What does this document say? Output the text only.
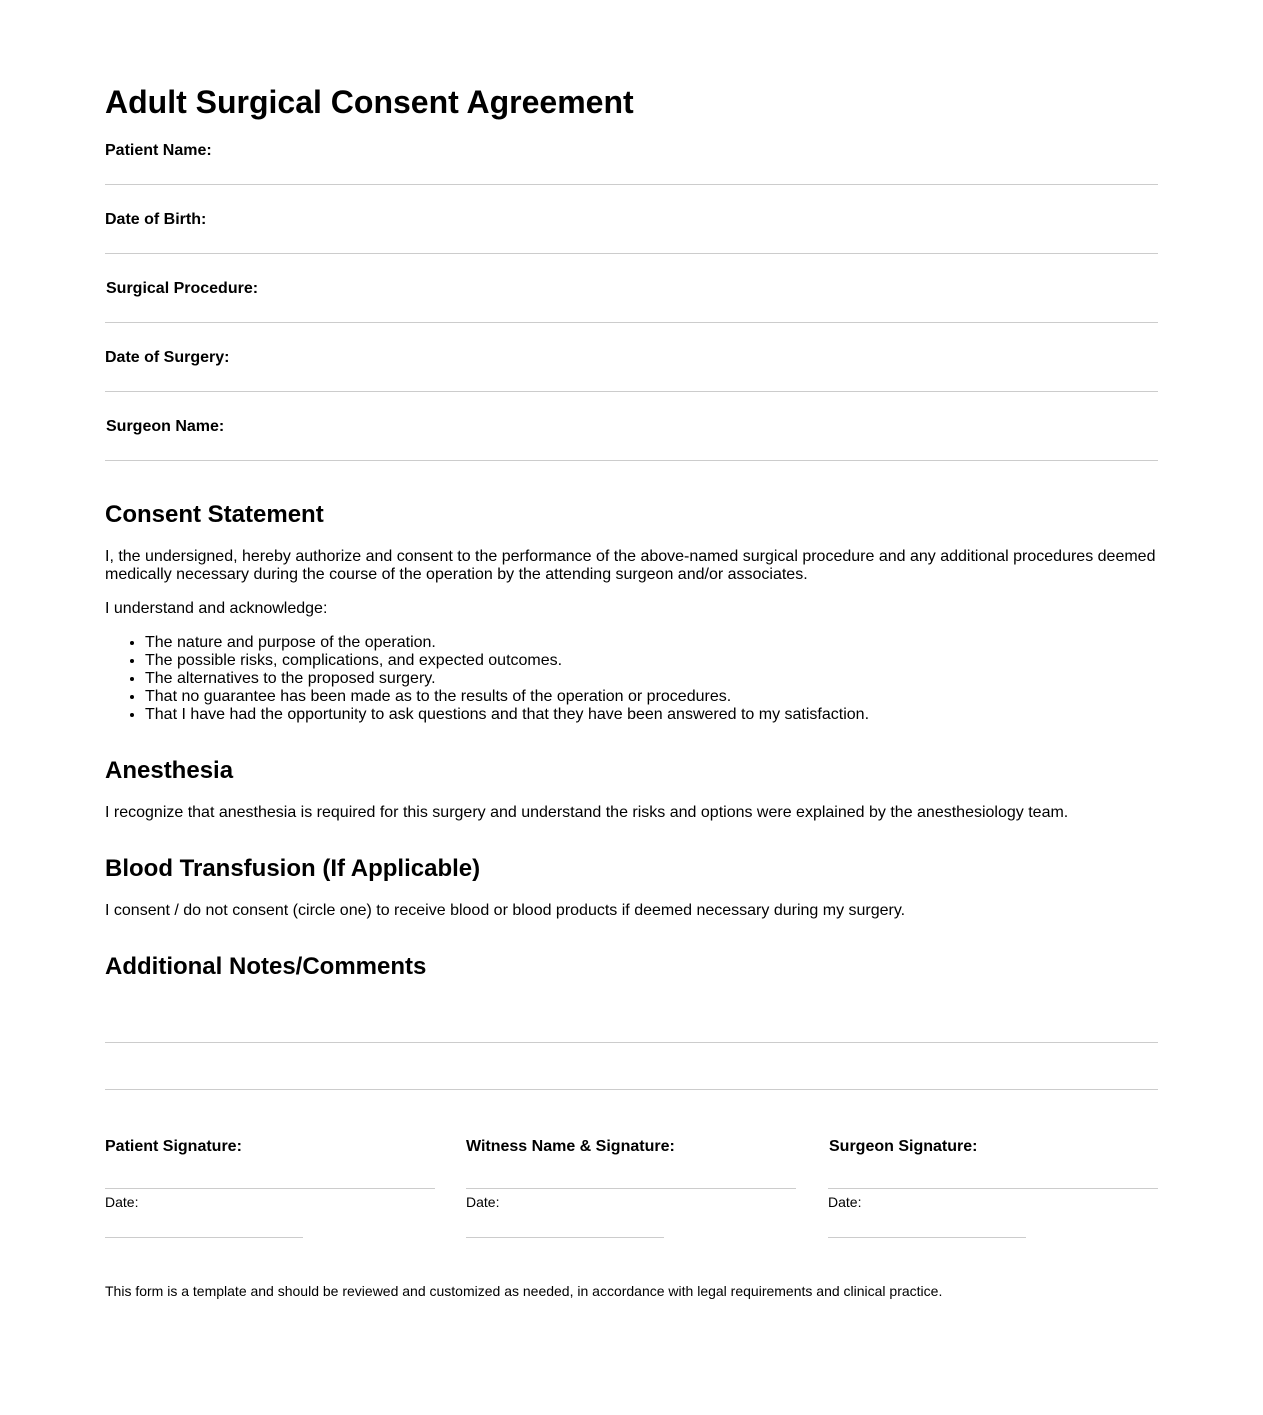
Adult Surgical Consent Agreement
Patient Name:
Date of Birth:
Surgical Procedure:
Date of Surgery:
Surgeon Name:
Consent Statement

I, the undersigned, hereby authorize and consent to the performance of the above-named surgical procedure and any additional procedures deemed medically necessary during the course of the operation by the attending surgeon and/or associates.

I understand and acknowledge:

• The nature and purpose of the operation.
• The possible risks, complications, and expected outcomes.
• The alternatives to the proposed surgery.
• That no guarantee has been made as to the results of the operation or procedures.
• That I have had the opportunity to ask questions and that they have been answered to my satisfaction.
Anesthesia

I recognize that anesthesia is required for this surgery and understand the risks and options were explained by the anesthesiology team.

Blood Transfusion (If Applicable)

I consent / do not consent (circle one) to receive blood or blood products if deemed necessary during my surgery.

Additional Notes/Comments
Patient Signature:
Date:
Witness Name & Signature:
Date:
Surgeon Signature:
Date:
This form is a template and should be reviewed and customized as needed, in accordance with legal requirements and clinical practice.
